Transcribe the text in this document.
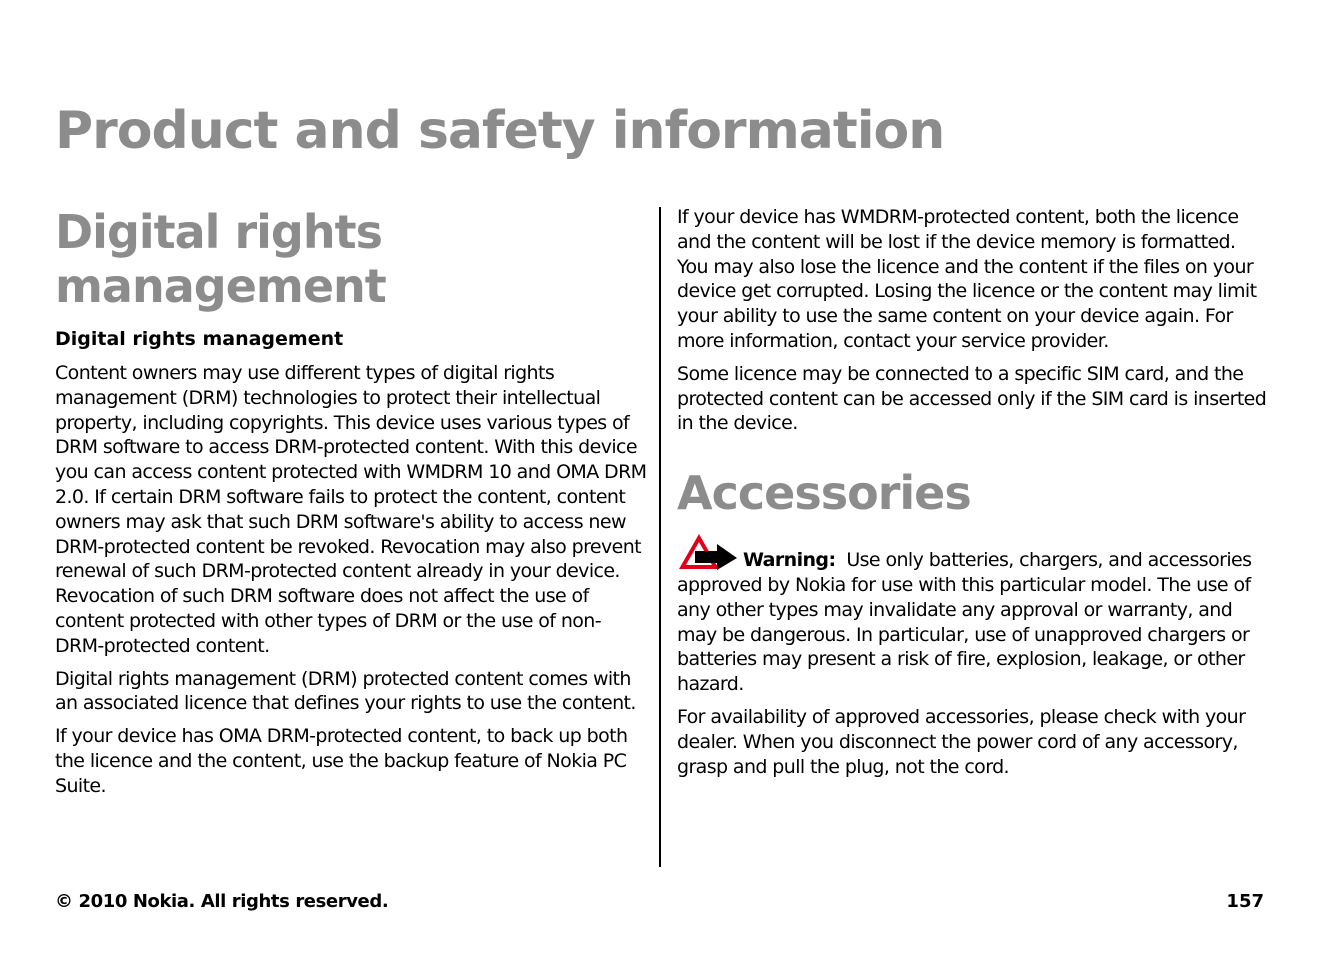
Product and safety information
Digital rights management
Digital rights management

Content owners may use different types of digital rights management (DRM) technologies to protect their intellectual property, including copyrights. This device uses various types of DRM software to access DRM-protected content. With this device you can access content protected with WMDRM 10 and OMA DRM 2.0. If certain DRM software fails to protect the content, content owners may ask that such DRM software's ability to access new DRM-protected content be revoked. Revocation may also prevent renewal of such DRM-protected content already in your device. Revocation of such DRM software does not affect the use of content protected with other types of DRM or the use of non-DRM-protected content.

Digital rights management (DRM) protected content comes with an associated licence that defines your rights to use the content.

If your device has OMA DRM-protected content, to back up both the licence and the content, use the backup feature of Nokia PC Suite.

If your device has WMDRM-protected content, both the licence and the content will be lost if the device memory is formatted. You may also lose the licence and the content if the files on your device get corrupted. Losing the licence or the content may limit your ability to use the same content on your device again. For more information, contact your service provider.

Some licence may be connected to a specific SIM card, and the protected content can be accessed only if the SIM card is inserted in the device.

Accessories

Warning: Use only batteries, chargers, and accessories approved by Nokia for use with this particular model. The use of any other types may invalidate any approval or warranty, and may be dangerous. In particular, use of unapproved chargers or batteries may present a risk of fire, explosion, leakage, or other hazard.

For availability of approved accessories, please check with your dealer. When you disconnect the power cord of any accessory, grasp and pull the plug, not the cord.

© 2010 Nokia. All rights reserved.	157
